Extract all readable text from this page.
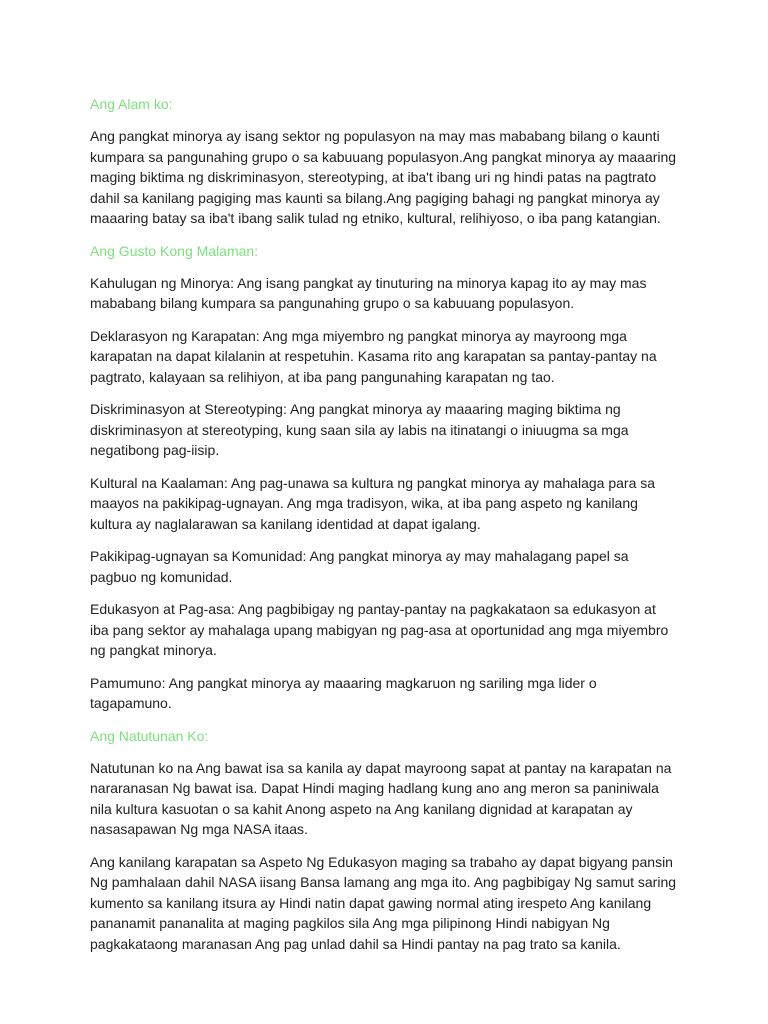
Ang Alam ko:

Ang pangkat minorya ay isang sektor ng populasyon na may mas mababang bilang o kaunti kumpara sa pangunahing grupo o sa kabuuang populasyon.Ang pangkat minorya ay maaaring maging biktima ng diskriminasyon, stereotyping, at iba't ibang uri ng hindi patas na pagtrato dahil sa kanilang pagiging mas kaunti sa bilang.Ang pagiging bahagi ng pangkat minorya ay maaaring batay sa iba't ibang salik tulad ng etniko, kultural, relihiyoso, o iba pang katangian.

Ang Gusto Kong Malaman:

Kahulugan ng Minorya: Ang isang pangkat ay tinuturing na minorya kapag ito ay may mas mababang bilang kumpara sa pangunahing grupo o sa kabuuang populasyon.

Deklarasyon ng Karapatan: Ang mga miyembro ng pangkat minorya ay mayroong mga karapatan na dapat kilalanin at respetuhin. Kasama rito ang karapatan sa pantay-pantay na pagtrato, kalayaan sa relihiyon, at iba pang pangunahing karapatan ng tao.

Diskriminasyon at Stereotyping: Ang pangkat minorya ay maaaring maging biktima ng diskriminasyon at stereotyping, kung saan sila ay labis na itinatangi o iniuugma sa mga negatibong pag-iisip.

Kultural na Kaalaman: Ang pag-unawa sa kultura ng pangkat minorya ay mahalaga para sa maayos na pakikipag-ugnayan. Ang mga tradisyon, wika, at iba pang aspeto ng kanilang kultura ay naglalarawan sa kanilang identidad at dapat igalang.

Pakikipag-ugnayan sa Komunidad: Ang pangkat minorya ay may mahalagang papel sa pagbuo ng komunidad.

Edukasyon at Pag-asa: Ang pagbibigay ng pantay-pantay na pagkakataon sa edukasyon at iba pang sektor ay mahalaga upang mabigyan ng pag-asa at oportunidad ang mga miyembro ng pangkat minorya.

Pamumuno: Ang pangkat minorya ay maaaring magkaruon ng sariling mga lider o tagapamuno.

Ang Natutunan Ko:

Natutunan ko na Ang bawat isa sa kanila ay dapat mayroong sapat at pantay na karapatan na nararanasan Ng bawat isa. Dapat Hindi maging hadlang kung ano ang meron sa paniniwala nila kultura kasuotan o sa kahit Anong aspeto na Ang kanilang dignidad at karapatan ay nasasapawan Ng mga NASA itaas.

Ang kanilang karapatan sa Aspeto Ng Edukasyon maging sa trabaho ay dapat bigyang pansin Ng pamhalaan dahil NASA iisang Bansa lamang ang mga ito. Ang pagbibigay Ng samut saring kumento sa kanilang itsura ay Hindi natin dapat gawing normal ating irespeto Ang kanilang pananamit pananalita at maging pagkilos sila Ang mga pilipinong Hindi nabigyan Ng pagkakataong maranasan Ang pag unlad dahil sa Hindi pantay na pag trato sa kanila.
